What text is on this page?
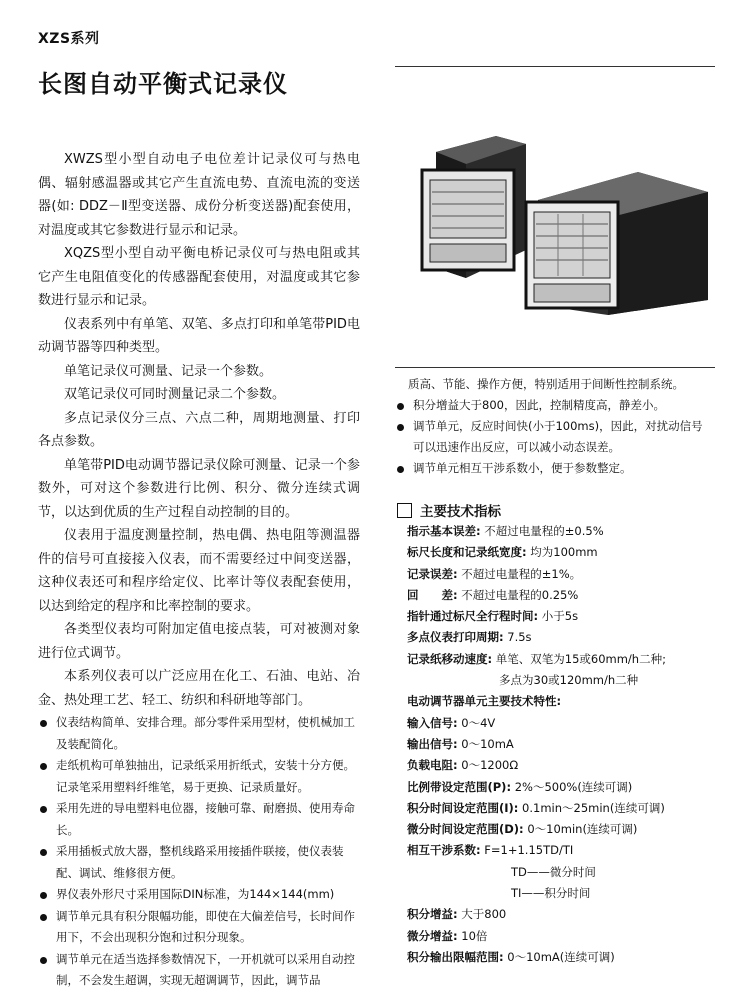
XZS系列
长图自动平衡式记录仪

XWZS型小型自动电子电位差计记录仪可与热电偶、辐射感温器或其它产生直流电势、直流电流的变送器(如: DDZ－Ⅱ型变送器、成份分析变送器)配套使用，对温度或其它参数进行显示和记录。

XQZS型小型自动平衡电桥记录仪可与热电阻或其它产生电阻值变化的传感器配套使用，对温度或其它参数进行显示和记录。

仪表系列中有单笔、双笔、多点打印和单笔带PID电动调节器等四种类型。

单笔记录仪可测量、记录一个参数。

双笔记录仪可同时测量记录二个参数。

多点记录仪分三点、六点二种，周期地测量、打印各点参数。

单笔带PID电动调节器记录仪除可测量、记录一个参数外，可对这个参数进行比例、积分、微分连续式调节，以达到优质的生产过程自动控制的目的。

仪表用于温度测量控制，热电偶、热电阻等测温器件的信号可直接接入仪表，而不需要经过中间变送器，这种仪表还可和程序给定仪、比率计等仪表配套使用，以达到给定的程序和比率控制的要求。

各类型仪表均可附加定值电接点装，可对被测对象进行位式调节。

本系列仪表可以广泛应用在化工、石油、电站、冶金、热处理工艺、轻工、纺织和科研地等部门。

仪表结构简单、安排合理。部分零件采用型材，使机械加工及装配简化。
走纸机构可单独抽出，记录纸采用折纸式，安装十分方便。记录笔采用塑料纤维笔，易于更换、记录质量好。
采用先进的导电塑料电位器，接触可靠、耐磨损、使用寿命长。
采用插板式放大器，整机线路采用接插件联接，使仪表装配、调试、维修很方便。
界仪表外形尺寸采用国际DIN标准，为144×144(mm)
调节单元具有积分限幅功能，即使在大偏差信号，长时间作用下，不会出现积分饱和过积分现象。
调节单元在适当选择参数情况下，一开机就可以采用自动控制，不会发生超调，实现无超调调节，因此，调节品
质高、节能、操作方便，特别适用于间断性控制系统。
积分增益大于800，因此，控制精度高，静差小。
调节单元，反应时间快(小于100ms)，因此，对扰动信号可以迅速作出反应，可以减小动态误差。
调节单元相互干涉系数小，便于参数整定。
主要技术指标
指示基本误差: 不超过电量程的±0.5%
标尺长度和记录纸宽度: 均为100mm
记录误差: 不超过电量程的±1%。
回　　差: 不超过电量程的0.25%
指针通过标尺全行程时间: 小于5s
多点仪表打印周期: 7.5s
记录纸移动速度: 单笔、双笔为15或60mm/h二种;
多点为30或120mm/h二种
电动调节器单元主要技术特性:
输入信号: 0～4V
输出信号: 0～10mA
负载电阻: 0～1200Ω
比例带设定范围(P): 2%～500%(连续可调)
积分时间设定范围(I): 0.1min～25min(连续可调)
微分时间设定范围(D): 0～10min(连续可调)
相互干涉系数: F=1+1.15TD/TI
TD——微分时间
TI——积分时间
积分增益: 大于800
微分增益: 10倍
积分输出限幅范围: 0～10mA(连续可调)
